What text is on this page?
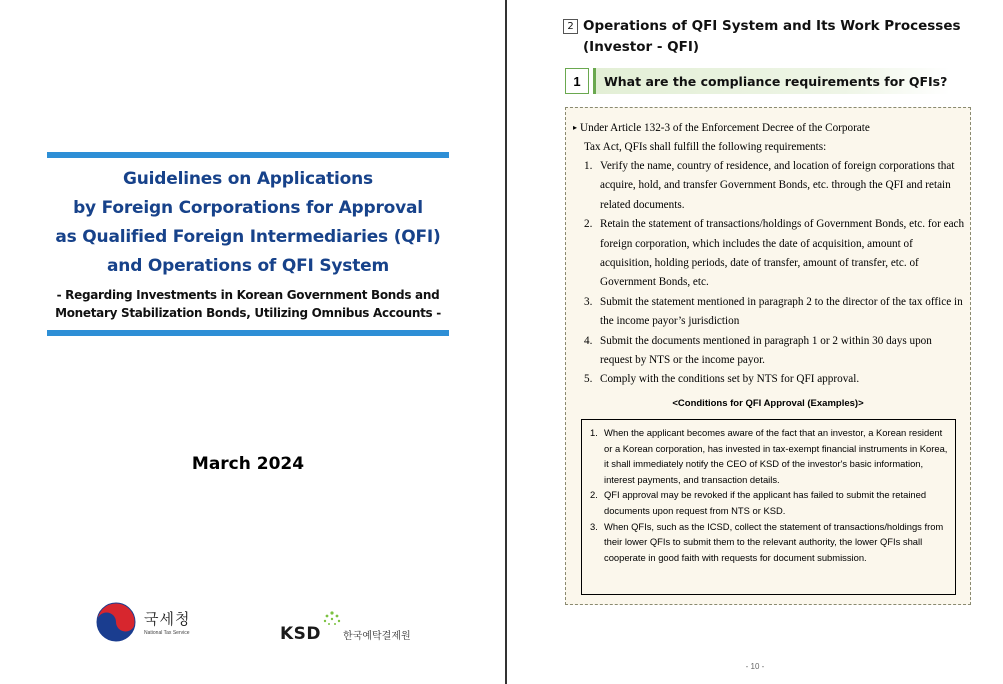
Guidelines on Applications
by Foreign Corporations for Approval
as Qualified Foreign Intermediaries (QFI)
and Operations of QFI System
- Regarding Investments in Korean Government Bonds and
Monetary Stabilization Bonds, Utilizing Omnibus Accounts -
March 2024
국세청
National Tax Service	KSD 한국예탁결제원
2 Operations of QFI System and Its Work Processes
(Investor - QFI)
1	What are the compliance requirements for QFIs?
▸ Under Article 132-3 of the Enforcement Decree of the Corporate
Tax Act, QFIs shall fulfill the following requirements:
1. Verify the name, country of residence, and location of foreign corporations that acquire, hold, and transfer Government Bonds, etc. through the QFI and retain related documents.
2. Retain the statement of transactions/holdings of Government Bonds, etc. for each foreign corporation, which includes the date of acquisition, amount of acquisition, holding periods, date of transfer, amount of transfer, etc. of Government Bonds, etc.
3. Submit the statement mentioned in paragraph 2 to the director of the tax office in the income payor’s jurisdiction
4. Submit the documents mentioned in paragraph 1 or 2 within 30 days upon request by NTS or the income payor.
5. Comply with the conditions set by NTS for QFI approval.
<Conditions for QFI Approval (Examples)>
1. When the applicant becomes aware of the fact that an investor, a Korean resident or a Korean corporation, has invested in tax-exempt financial instruments in Korea, it shall immediately notify the CEO of KSD of the investor's basic information, interest payments, and transaction details.
2. QFI approval may be revoked if the applicant has failed to submit the retained documents upon request from NTS or KSD.
3. When QFIs, such as the ICSD, collect the statement of transactions/holdings from their lower QFIs to submit them to the relevant authority, the lower QFIs shall cooperate in good faith with requests for document submission.
- 10 -
